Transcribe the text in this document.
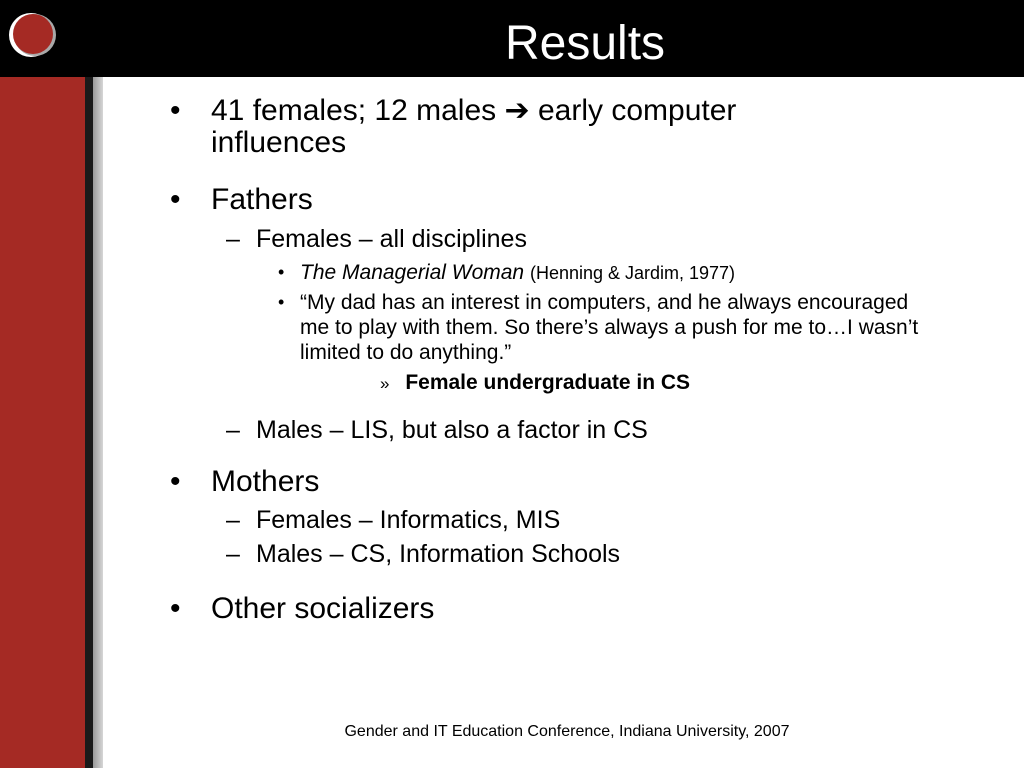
Results
•	41 females; 12 males ➔ early computer influences
•	Fathers
– Females – all disciplines
• The Managerial Woman (Henning & Jardim, 1977)
• “My dad has an interest in computers, and he always encouraged me to play with them. So there’s always a push for me to…I wasn’t limited to do anything.”
» Female undergraduate in CS
– Males – LIS, but also a factor in CS
•	Mothers
– Females – Informatics, MIS
– Males – CS, Information Schools
•	Other socializers
Gender and IT Education Conference, Indiana University, 2007
